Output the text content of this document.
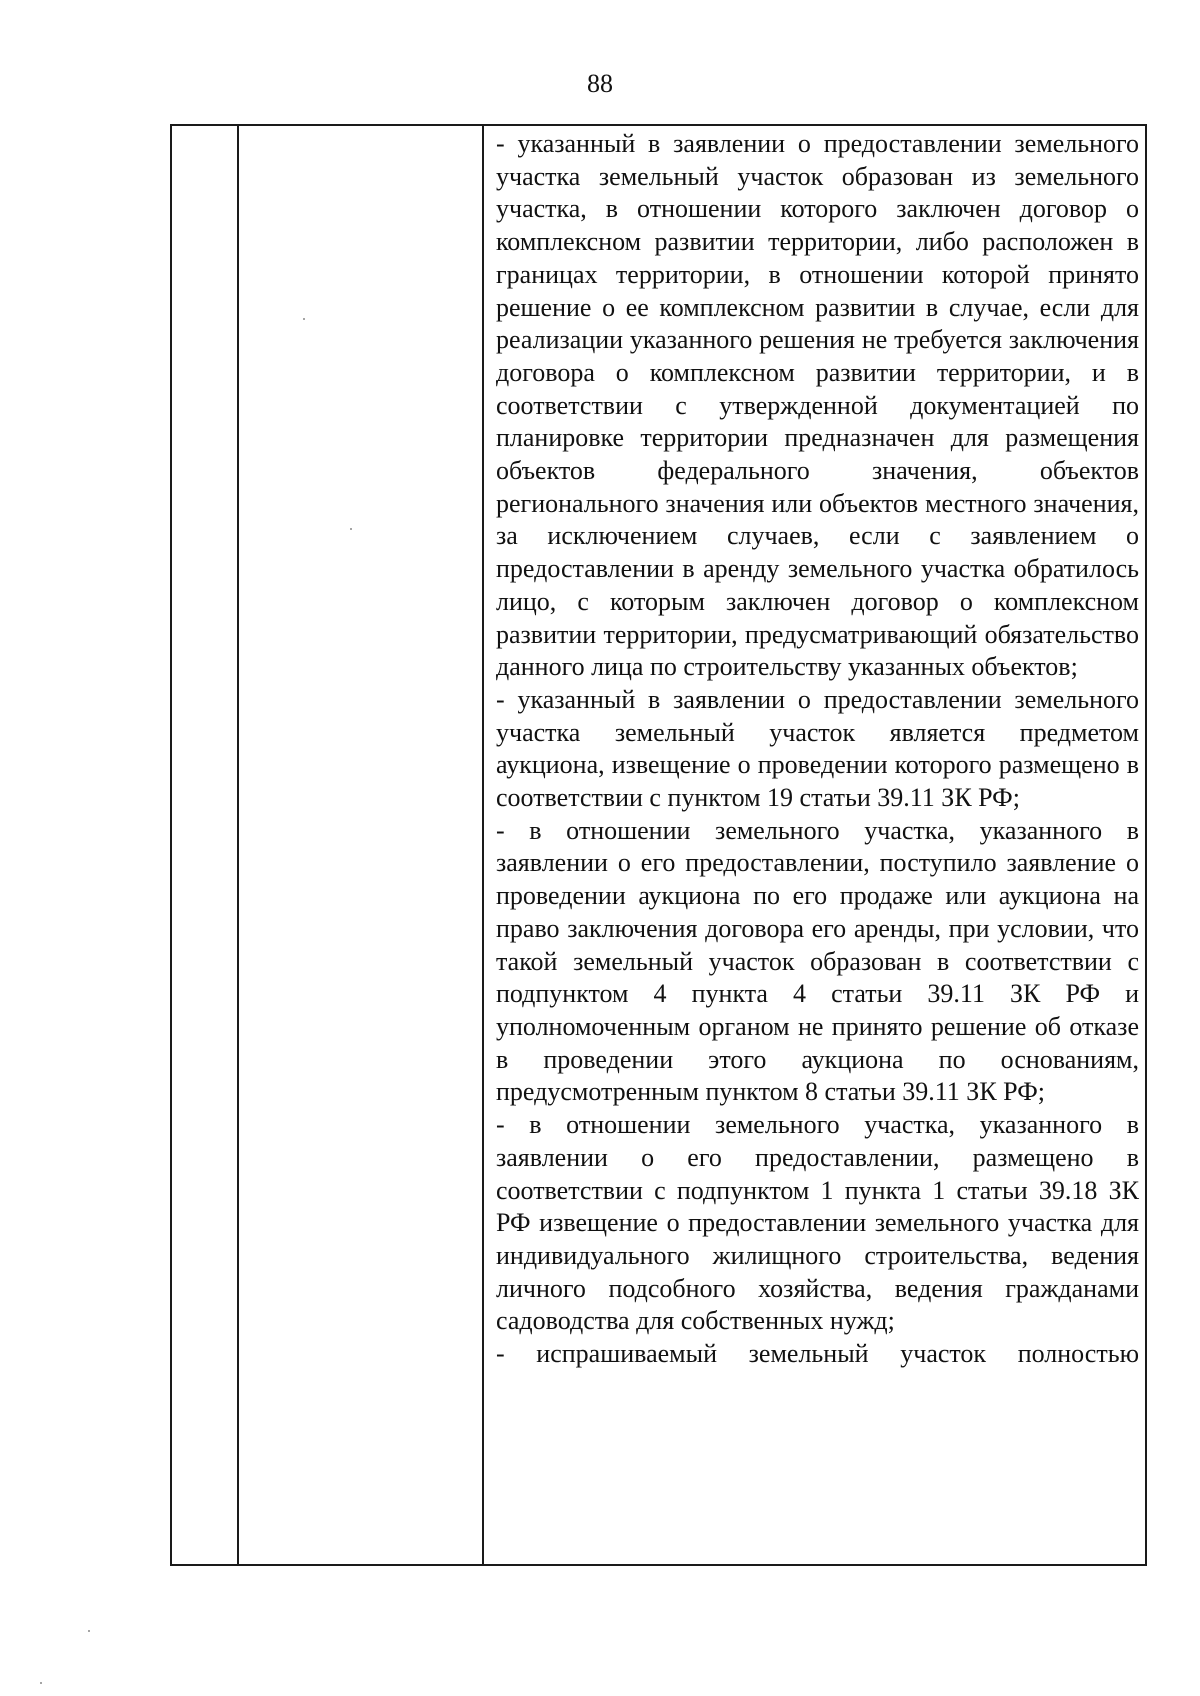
88

- указанный в заявлении о предоставлении земельного участка земельный участок образован из земельного участка, в отношении которого заключен договор о комплексном развитии территории, либо расположен в границах территории, в отношении которой принято решение о ее комплексном развитии в случае, если для реализации указанного решения не требуется заключения договора о комплексном развитии территории, и в соответствии с утвержденной документацией по планировке территории предназначен для размещения объектов федерального значения, объектов регионального значения или объектов местного значения, за исключением случаев, если с заявлением о предоставлении в аренду земельного участка обратилось лицо, с которым заключен договор о комплексном развитии территории, предусматривающий обязательство данного лица по строительству указанных объектов;

- указанный в заявлении о предоставлении земельного участка земельный участок является предметом аукциона, извещение о проведении которого размещено в соответствии с пунктом 19 статьи 39.11 ЗК РФ;

- в отношении земельного участка, указанного в заявлении о его предоставлении, поступило заявление о проведении аукциона по его продаже или аукциона на право заключения договора его аренды, при условии, что такой земельный участок образован в соответствии с подпунктом 4 пункта 4 статьи 39.11 ЗК РФ и уполномоченным органом не принято решение об отказе в проведении этого аукциона по основаниям, предусмотренным пунктом 8 статьи 39.11 ЗК РФ;

- в отношении земельного участка, указанного в заявлении о его предоставлении, размещено в соответствии с подпунктом 1 пункта 1 статьи 39.18 ЗК РФ извещение о предоставлении земельного участка для индивидуального жилищного строительства, ведения личного подсобного хозяйства, ведения гражданами садоводства для собственных нужд;

- испрашиваемый земельный участок полностью
